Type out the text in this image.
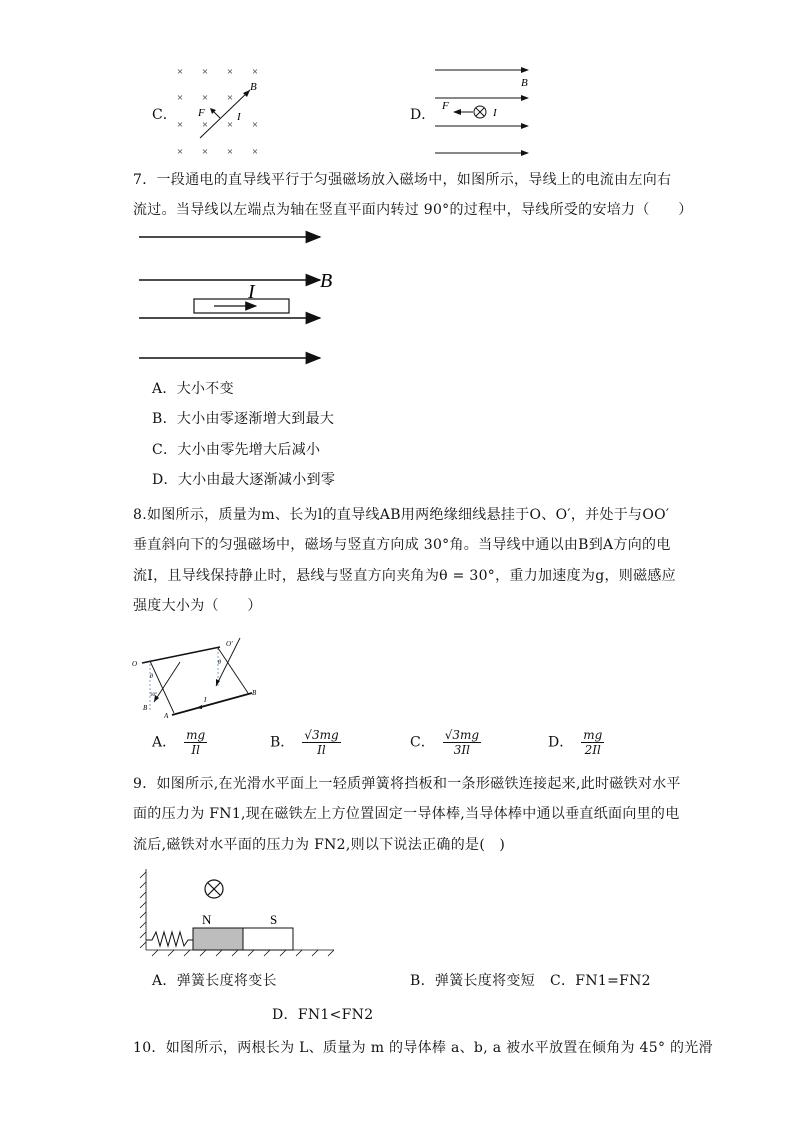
C．
× × × ×
× × ×
× × × ×
× × × ×
B
F	I	D．
B
F
I
7．一段通电的直导线平行于匀强磁场放入磁场中，如图所示，导线上的电流由左向右
流过。当导线以左端点为轴在竖直平面内转过 90°的过程中，导线所受的安培力（　　）
I	B
A．大小不变
B．大小由零逐渐增大到最大
C．大小由零先增大后减小
D．大小由最大逐渐减小到零
8.如图所示，质量为m、长为l的直导线AB用两绝缘细线悬挂于O、O′，并处于与OO′
垂直斜向下的匀强磁场中，磁场与竖直方向成 30°角。当导线中通以由B到A方向的电
流I，且导线保持静止时，悬线与竖直方向夹角为θ = 30°，重力加速度为g，则磁感应
强度大小为（　　）
O
O'
θ
θ
30°
B
B
A
I
A． $\frac{mg}{Il}$	B． $\frac{√3mg}{Il}$	C． $\frac{√3mg}{3Il}$	D． $\frac{mg}{2Il}$
9．如图所示,在光滑水平面上一轻质弹簧将挡板和一条形磁铁连接起来,此时磁铁对水平
面的压力为 FN1,现在磁铁左上方位置固定一导体棒,当导体棒中通以垂直纸面向里的电
流后,磁铁对水平面的压力为 FN2,则以下说法正确的是(　)
N	S
A．弹簧长度将变长	B．弹簧长度将变短 C．FN1=FN2
D．FN1<FN2
10．如图所示，两根长为 L、质量为 m 的导体棒 a、b, a 被水平放置在倾角为 45° 的光滑
